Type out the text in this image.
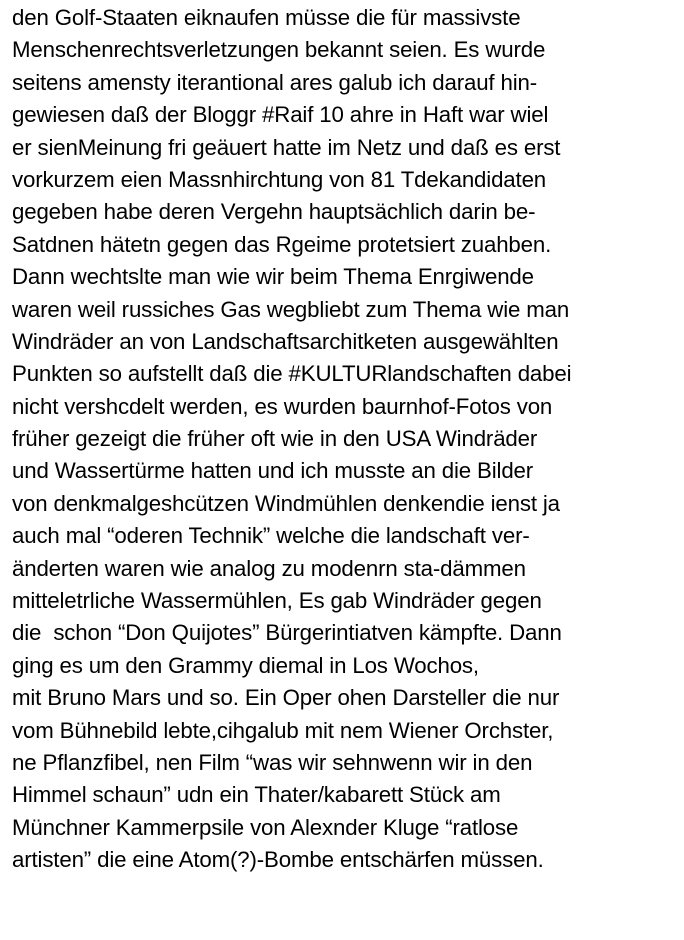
den Golf-Staaten eiknaufen müsse die für massivste
Menschenrechtsverletzungen bekannt seien. Es wurde
seitens amensty iterantional ares galub ich darauf hin-
gewiesen daß der Bloggr #Raif 10 ahre in Haft war wiel
er sienMeinung fri geäuert hatte im Netz und daß es erst
vorkurzem eien Massnhirchtung von 81 Tdekandidaten
gegeben habe deren Vergehn hauptsächlich darin be-
Satdnen hätetn gegen das Rgeime protetsiert zuahben.
Dann wechtslte man wie wir beim Thema Enrgiwende
waren weil russiches Gas wegbliebt zum Thema wie man
Windräder an von Landschaftsarchitketen ausgewählten
Punkten so aufstellt daß die #KULTURlandschaften dabei
nicht vershcdelt werden, es wurden baurnhof-Fotos von
früher gezeigt die früher oft wie in den USA Windräder
und Wassertürme hatten und ich musste an die Bilder
von denkmalgeshcützen Windmühlen denkendie ienst ja
auch mal “oderen Technik” welche die landschaft ver-
änderten waren wie analog zu modenrn sta-dämmen
mitteletrliche Wassermühlen, Es gab Windräder gegen
die  schon “Don Quijotes” Bürgerintiatven kämpfte. Dann
ging es um den Grammy diemal in Los Wochos,
mit Bruno Mars und so. Ein Oper ohen Darsteller die nur
vom Bühnebild lebte,cihgalub mit nem Wiener Orchster,
ne Pflanzfibel, nen Film “was wir sehnwenn wir in den
Himmel schaun” udn ein Thater/kabarett Stück am
Münchner Kammerpsile von Alexnder Kluge “ratlose
artisten” die eine Atom(?)-Bombe entschärfen müssen.
